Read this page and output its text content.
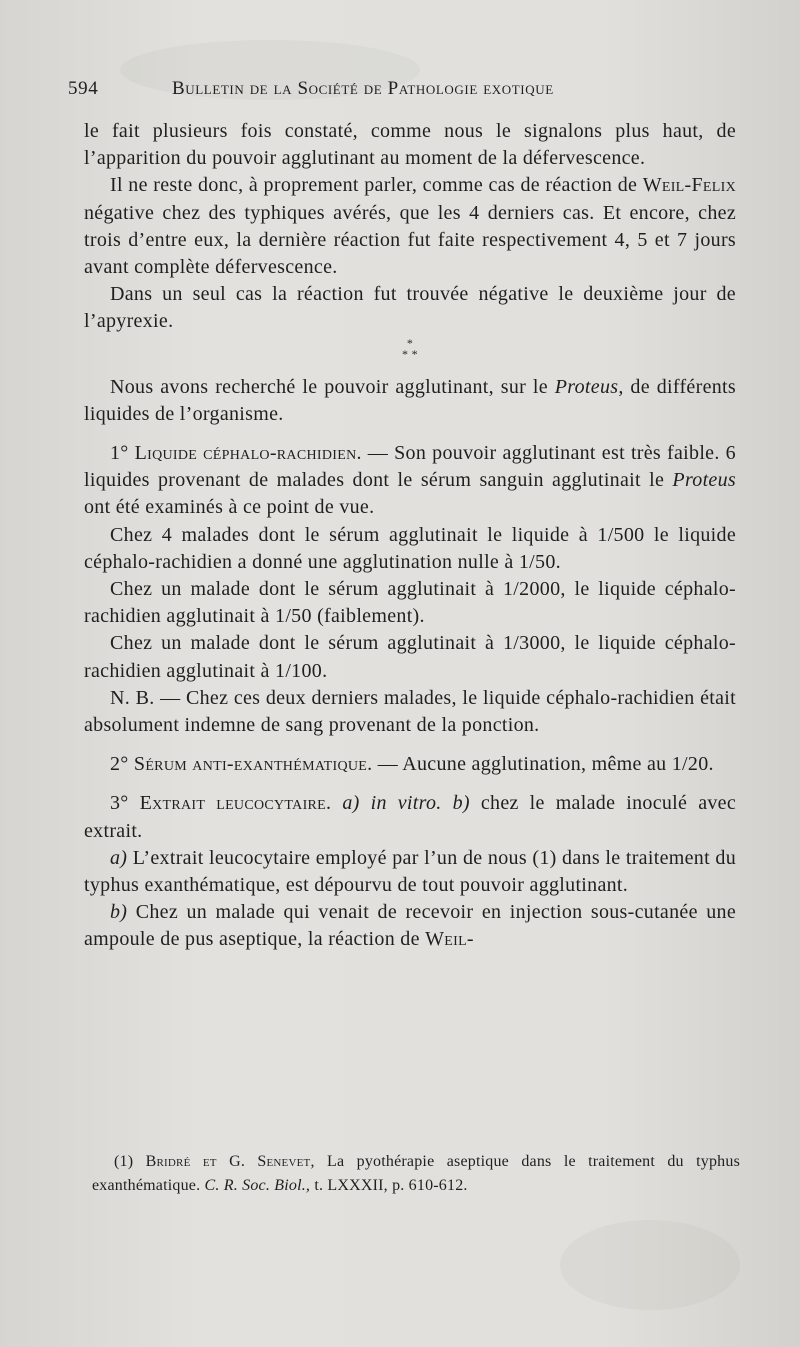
594	Bulletin de la Société de Pathologie exotique

le fait plusieurs fois constaté, comme nous le signalons plus haut, de l’apparition du pouvoir agglutinant au moment de la défervescence.

Il ne reste donc, à proprement parler, comme cas de réaction de Weil-Felix négative chez des typhiques avérés, que les 4 derniers cas. Et encore, chez trois d’entre eux, la dernière réaction fut faite respectivement 4, 5 et 7 jours avant complète défervescence.

Dans un seul cas la réaction fut trouvée négative le deuxième jour de l’apyrexie.

*
* *

Nous avons recherché le pouvoir agglutinant, sur le Proteus, de différents liquides de l’organisme.

1° Liquide céphalo-rachidien. — Son pouvoir agglutinant est très faible. 6 liquides provenant de malades dont le sérum sanguin agglutinait le Proteus ont été examinés à ce point de vue.

Chez 4 malades dont le sérum agglutinait le liquide à 1/500 le liquide céphalo-rachidien a donné une agglutination nulle à 1/50.

Chez un malade dont le sérum agglutinait à 1/2000, le liquide céphalo-rachidien agglutinait à 1/50 (faiblement).

Chez un malade dont le sérum agglutinait à 1/3000, le liquide céphalo-rachidien agglutinait à 1/100.

N. B. — Chez ces deux derniers malades, le liquide céphalo-rachidien était absolument indemne de sang provenant de la ponction.

2° Sérum anti-exanthématique. — Aucune agglutination, même au 1/20.

3° Extrait leucocytaire. a) in vitro. b) chez le malade inoculé avec extrait.

a) L’extrait leucocytaire employé par l’un de nous (1) dans le traitement du typhus exanthématique, est dépourvu de tout pouvoir agglutinant.

b) Chez un malade qui venait de recevoir en injection sous-cutanée une ampoule de pus aseptique, la réaction de Weil-

(1) Bridré et G. Senevet, La pyothérapie aseptique dans le traitement du typhus exanthématique. C. R. Soc. Biol., t. LXXXII, p. 610-612.
